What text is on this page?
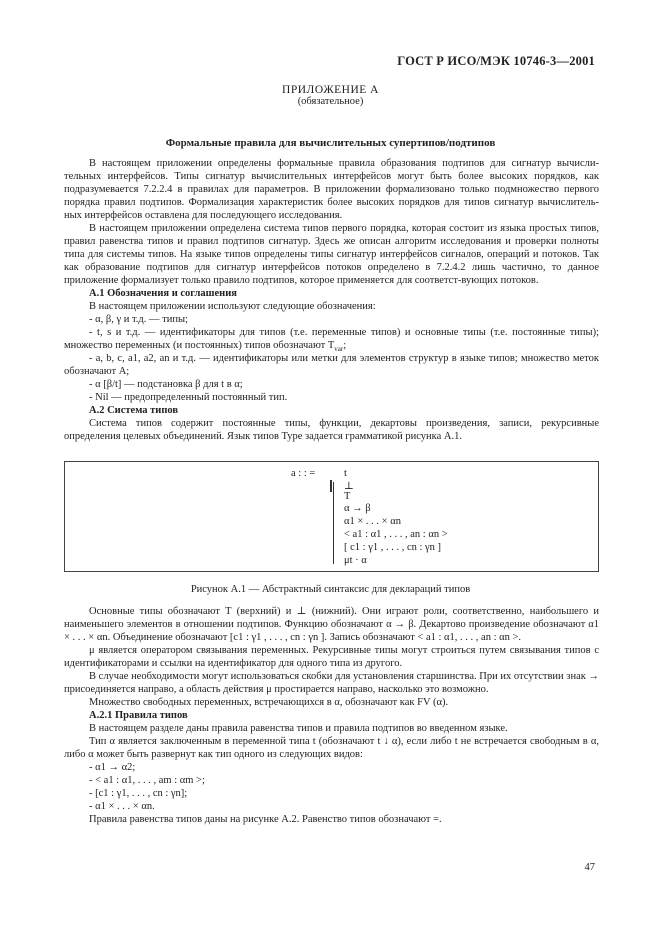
ГОСТ Р ИСО/МЭК 10746-3—2001
ПРИЛОЖЕНИЕ А
(обязательное)
Формальные правила для вычислительных супертипов/подтипов

В настоящем приложении определены формальные правила образования подтипов для сигнатур вычисли-тельных интерфейсов. Типы сигнатур вычислительных интерфейсов могут быть более высоких порядков, как подразумевается 7.2.2.4 в правилах для параметров. В приложении формализовано только подмножество первого порядка правил подтипов. Формализация характеристик более высоких порядков для типов сигнатур вычислитель-ных интерфейсов оставлена для последующего исследования.

В настоящем приложении определена система типов первого порядка, которая состоит из языка простых типов, правил равенства типов и правил подтипов сигнатур. Здесь же описан алгоритм исследования и проверки полноты типа для системы типов. На языке типов определены типы сигнатур интерфейсов сигналов, операций и потоков. Так как образование подтипов для сигнатур интерфейсов потоков определено в 7.2.4.2 лишь частично, то данное приложение формализует только правило подтипов, которое применяется для соответст-вующих потоков.

А.1 Обозначения и соглашения

В настоящем приложении используют следующие обозначения:

- α, β, γ и т.д. — типы;

- t, s и т.д. — идентификаторы для типов (т.е. переменные типов) и основные типы (т.е. постоянные типы); множество переменных (и постоянных) типов обозначают $T_{var}$;

- a, b, c, a1, a2, an и т.д. — идентификаторы или метки для элементов структур в языке типов; множество меток обозначают A;

- α [β/t] — подстановка β для t в α;

- Nil — предопределенный постоянный тип.

А.2 Система типов

Система типов содержит постоянные типы, функции, декартовы произведения, записи, рекурсивные определения целевых объединений. Язык типов Type задается грамматикой рисунка А.1.

a : : =	t
⊥
T
α → β
α1 × . . . × αn
< a1 : α1 , . . . , an : αn >
[ c1 : γ1 , . . . , cn : γn ]
μt · α
Рисунок А.1 — Абстрактный синтаксис для деклараций типов

Основные типы обозначают T (верхний) и ⊥ (нижний). Они играют роли, соответственно, наибольшего и наименьшего элементов в отношении подтипов. Функцию обозначают α → β. Декартово произведение обозначают α1 × . . . × αn. Объединение обозначают [c1 : γ1 , . . . , cn : γn ]. Запись обозначают < a1 : α1, . . . , an : αn >.

μ является оператором связывания переменных. Рекурсивные типы могут строиться путем связывания типов с идентификаторами и ссылки на идентификатор для одного типа из другого.

В случае необходимости могут использоваться скобки для установления старшинства. При их отсутствии знак → присоединяется направо, а область действия μ простирается направо, насколько это возможно.

Множество свободных переменных, встречающихся в α, обозначают как FV (α).

А.2.1 Правила типов

В настоящем разделе даны правила равенства типов и правила подтипов во введенном языке.

Тип α является заключенным в переменной типа t (обозначают t ↓ α), если либо t не встречается свободным в α, либо α может быть развернут как тип одного из следующих видов:

- α1 → α2;

- < a1 : α1, . . . , am : αm >;

- [c1 : γ1, . . . , cn : γn];

- α1 × . . . × αn.

Правила равенства типов даны на рисунке А.2. Равенство типов обозначают =.

47
